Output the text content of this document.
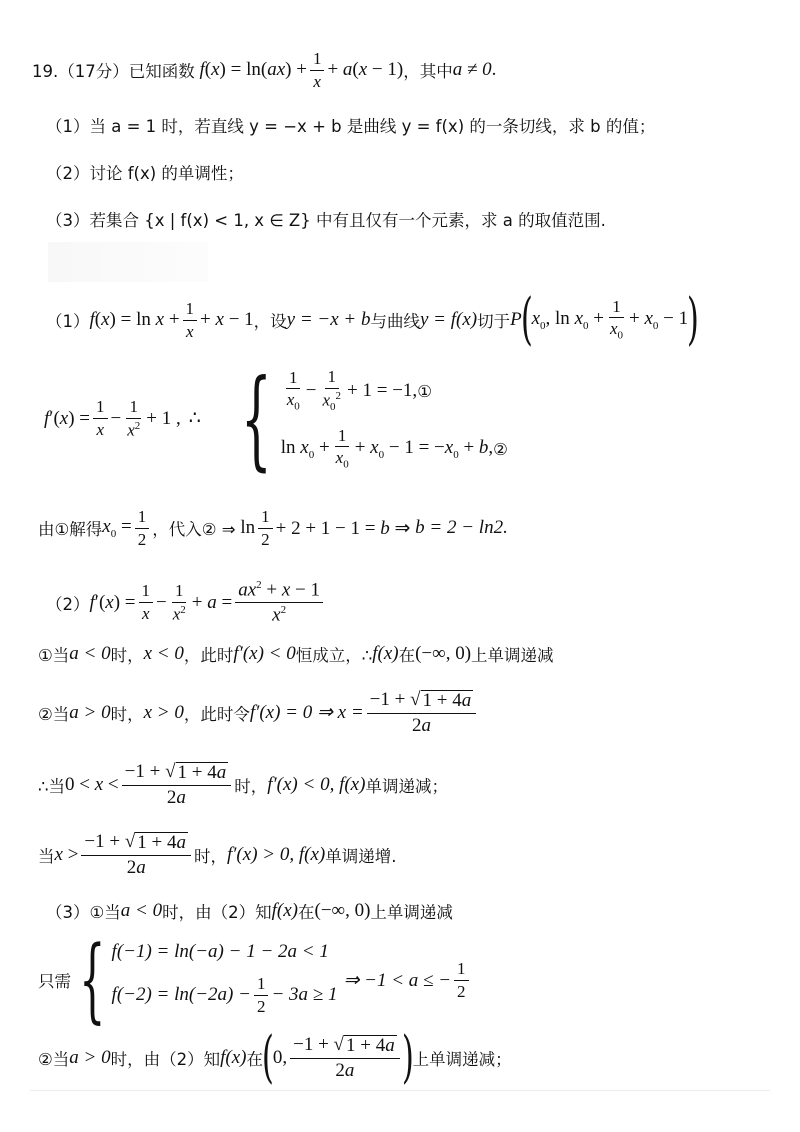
19.（17分）已知函数 $f(x) = \ln(ax) + \frac{1}{x} + a(x - 1)$ ，其中 a ≠ 0 .
（1）当 a = 1 时，若直线 y = −x + b 是曲线 y = f(x) 的一条切线，求 b 的值；
（2）讨论 f(x) 的单调性；
（3）若集合 {x | f(x) < 1, x ∈ Z} 中有且仅有一个元素，求 a 的取值范围.
（1） $f(x) = \ln x + \frac{1}{x} + x - 1$ ，设 y = −x + b 与曲线 y = f(x) 切于 P
(
$x_0$, $\ln x_0 + \frac{1}{x_0} + x_0 - 1$
)
$f'(x) = \frac{1}{x} - \frac{1}{x^2} + 1$ , ∴ { $\frac{1}{x_0} - \frac{1}{x_0^2} + 1 = -1$, ①
$\ln x_0 + \frac{1}{x_0} + x_0 - 1 = -x_0 + b$, ②
由①解得 $x_0 = \frac{1}{2}$ ，代入② ⇒ $\ln \frac{1}{2} + 2 + 1 - 1 = b$ ⇒ b = 2 − ln2.
（2） $f'(x) = \frac{1}{x} - \frac{1}{x^2} + a = \frac{ax^2 + x - 1}{x^2}$
①当 a < 0 时， x < 0 ，此时 f′(x) < 0 恒成立，∴ f(x) 在 (−∞, 0) 上单调递减
②当 a > 0 时， x > 0 ，此时令 f′(x) = 0 ⇒ $x = \frac{-1 + √ 1 + 4a}{2a}$
∴当 $0 < x < \frac{-1 + √ 1 + 4a}{2a}$ 时， f′(x) < 0, f(x) 单调递减；
当 $x > \frac{-1 + √ 1 + 4a}{2a}$ 时， f′(x) > 0, f(x) 单调递增.
（3） ①当 a < 0 时，由（2）知 f(x) 在 (−∞, 0) 上单调递减
只需 { f(−1) = ln(−a) − 1 − 2a < 1
$f(-2) = \ln(-2a) - \frac{1}{2} - 3a \ge 1$
⇒ −1 < a ≤ − $\frac{1}{2}$
②当 a > 0 时，由（2）知 f(x) 在
(
0, $\frac{-1 + √ 1 + 4a}{2a}$ )
上单调递减；
